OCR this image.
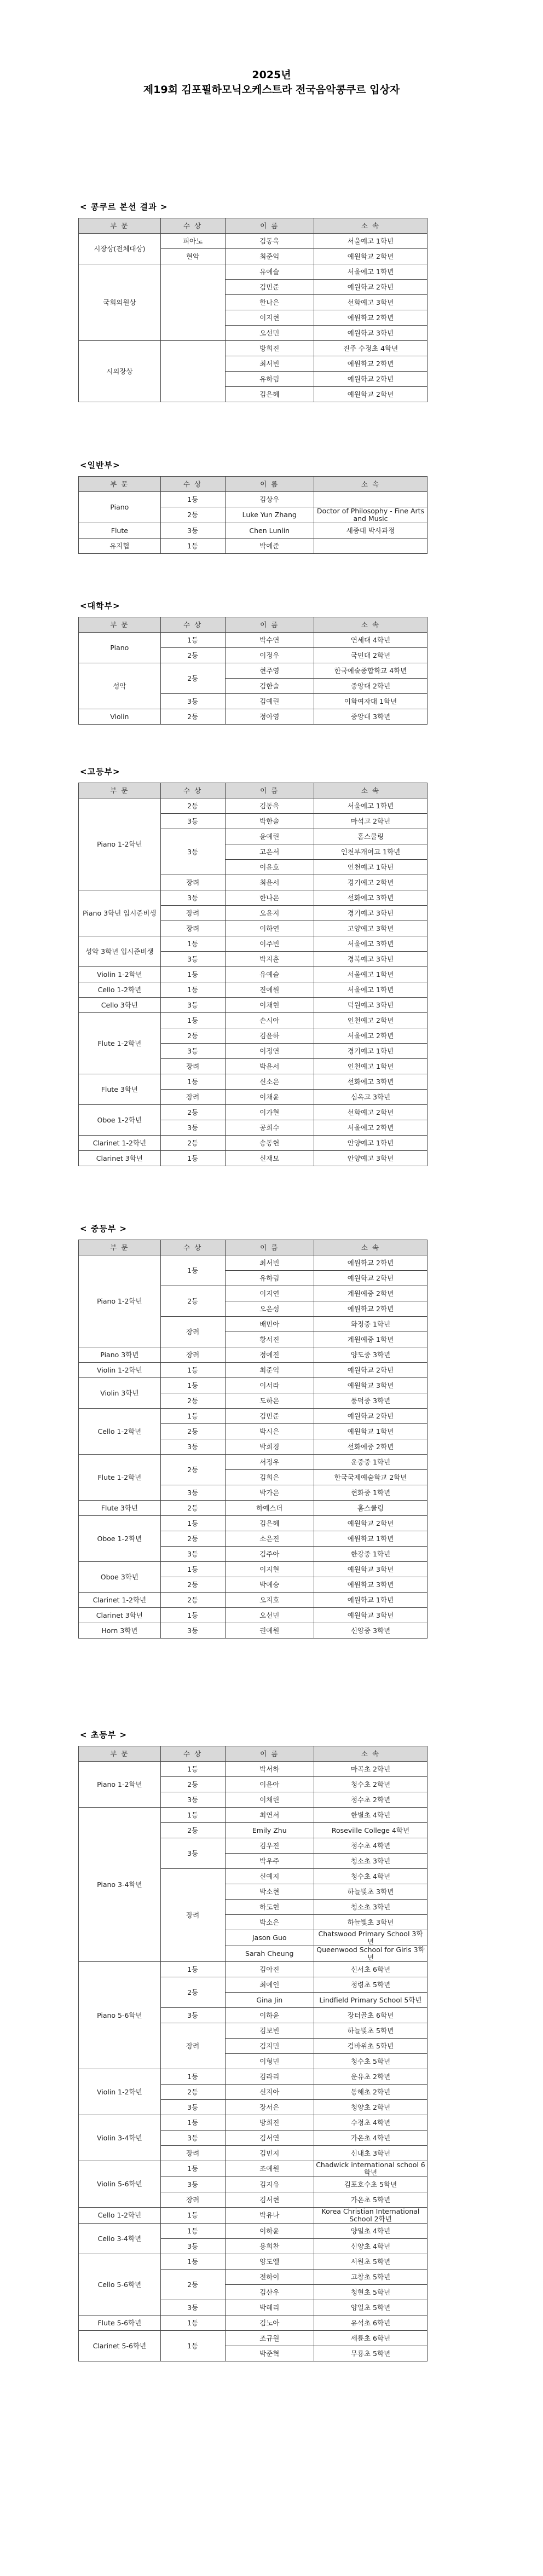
2025년
제19회 김포필하모닉오케스트라 전국음악콩쿠르 입상자
< 콩쿠르 본선 결과 >
부 문	수 상	이 름	소 속
시장상(전체대상)	피아노	김동욱	서울예고 1학년
	현악	최준익	예원학교 2학년
국회의원상		유예슬	서울예고 1학년
		김민준	예원학교 2학년
		한나은	선화예고 3학년
		이지현	예원학교 2학년
		오선민	예원학교 3학년
시의장상		방희진	진주 수정초 4학년
		최서빈	예원학교 2학년
		유하림	예원학교 2학년
		김은혜	예원학교 2학년
<일반부>
부 문	수 상	이 름	소 속
Piano	1등	김상우	
	2등	Luke Yun Zhang	Doctor of Philosophy - Fine Arts and Music
Flute	3등	Chen Lunlin	세종대 박사과정
유지협	1등	박예준	
<대학부>
부 문	수 상	이 름	소 속
Piano	1등	박수연	연세대 4학년
	2등	이정우	국민대 2학년
성악	2등	현주영	한국예술종합학교 4학년
		김한슬	중앙대 2학년
	3등	김예린	이화여자대 1학년
Violin	2등	정아영	중앙대 3학년
<고등부>
부 문	수 상	이 름	소 속
Piano 1-2학년	2등	김동욱	서울예고 1학년
	3등	박한솔	마석고 2학년
	3등	윤예린	홈스쿨링
		고은서	인천부개여고 1학년
		이윤호	인천예고 1학년
	장려	최윤서	경기예고 2학년
Piano 3학년 입시준비생	3등	한나은	선화예고 3학년
	장려	오윤지	경기예고 3학년
	장려	이하연	고양예고 3학년
성악 3학년 입시준비생	1등	이주빈	서울예고 3학년
	3등	박지훈	경북예고 3학년
Violin 1-2학년	1등	유예슬	서울예고 1학년
Cello 1-2학년	1등	진예원	서울예고 1학년
Cello 3학년	3등	이채현	덕원예고 3학년
Flute 1-2학년	1등	손시아	인천예고 2학년
	2등	김윤하	서울예고 2학년
	3등	이정연	경기예고 1학년
	장려	박윤서	인천예고 1학년
Flute 3학년	1등	신소은	선화예고 3학년
	장려	이채윤	심옥고 3학년
Oboe 1-2학년	2등	이가현	선화예고 2학년
	3등	공희수	서울예고 2학년
Clarinet 1-2학년	2등	송동헌	안양예고 1학년
Clarinet 3학년	1등	신재모	안양예고 3학년
< 중등부 >
부 문	수 상	이 름	소 속
Piano 1-2학년	1등	최서빈	예원학교 2학년
		유하림	예원학교 2학년
	2등	이지연	계원예중 2학년
		오은성	예원학교 2학년
	장려	배민아	화정중 1학년
		황서진	계원예중 1학년
Piano 3학년	장려	정예진	양도중 3학년
Violin 1-2학년	1등	최준익	예원학교 2학년
Violin 3학년	1등	이서라	예원학교 3학년
	2등	도하은	풍덕중 3학년
Cello 1-2학년	1등	김민준	예원학교 2학년
	2등	박시은	예원학교 1학년
	3등	박희경	선화예중 2학년
Flute 1-2학년	2등	서정우	운중중 1학년
		김희은	한국국제예술학교 2학년
	3등	박가은	현화중 1학년
Flute 3학년	2등	하예스더	홈스쿨링
Oboe 1-2학년	1등	김은혜	예원학교 2학년
	2등	소은진	예원학교 1학년
	3등	김주아	한강중 1학년
Oboe 3학년	1등	이지현	예원학교 3학년
	2등	박예승	예원학교 3학년
Clarinet 1-2학년	2등	오지호	예원학교 1학년
Clarinet 3학년	1등	오선민	예원학교 3학년
Horn 3학년	3등	권예원	신양중 3학년
< 초등부 >
부 문	수 상	이 름	소 속
Piano 1-2학년	1등	박서하	마곡초 2학년
	2등	이윤아	청수초 2학년
	3등	이채린	청수초 2학년
Piano 3-4학년	1등	최연서	한별초 4학년
	2등	Emily Zhu	Roseville College 4학년
	3등	김우진	청수초 4학년
		박우주	청소초 3학년
	장려	신예지	청수초 4학년
		박소현	하늘빛초 3학년
		하도현	청소초 3학년
		박소은	하늘빛초 3학년
		Jason Guo	Chatswood Primary School 3학년
		Sarah Cheung	Queenwood School for Girls 3학년
Piano 5-6학년	1등	김아진	신서초 6학년
	2등	최예인	청령초 5학년
		Gina Jin	Lindfield Primary School 5학년
	3등	이하윤	장터골초 6학년
	장려	김보빈	하늘빛초 5학년
		김지민	검바위초 5학년
		이형민	청수초 5학년
Violin 1-2학년	1등	김라리	운유초 2학년
	2등	신지아	동해초 2학년
	3등	장서은	청양초 2학년
Violin 3-4학년	1등	방희진	수정초 4학년
	3등	김서연	가온초 4학년
	장려	김민지	신내초 3학년
Violin 5-6학년	1등	조예원	Chadwick international school 6학년
	3등	김지유	김포호수초 5학년
	장려	김서현	가온초 5학년
Cello 1-2학년	1등	박유나	Korea Christian International School 2학년
Cello 3-4학년	1등	이하윤	양일초 4학년
	3등	용희찬	신양초 4학년
Cello 5-6학년	1등	양도엘	서원초 5학년
	2등	전하이	고창초 5학년
		김산우	청현초 5학년
	3등	박혜리	양일초 5학년
Flute 5-6학년	1등	김노아	유석초 6학년
Clarinet 5-6학년	1등	조규원	세륜초 6학년
		박준혁	무룡초 5학년
